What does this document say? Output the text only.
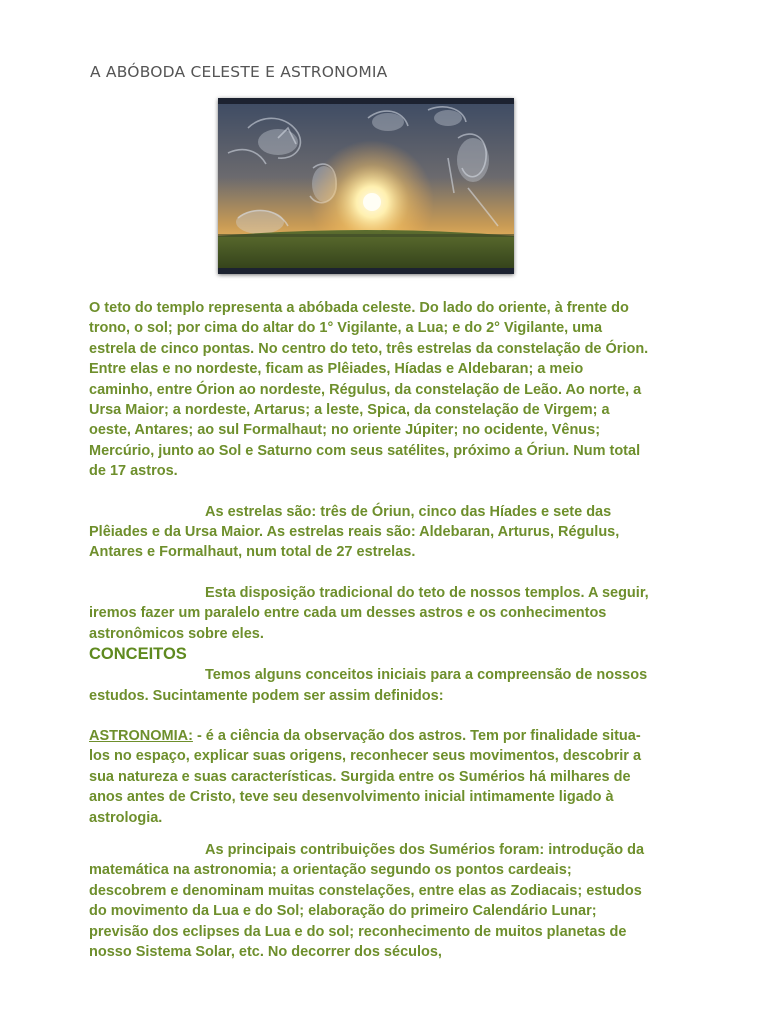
A ABÓBODA CELESTE E ASTRONOMIA

O teto do templo representa a abóbada celeste. Do lado do oriente, à frente do trono, o sol; por cima do altar do 1° Vigilante, a Lua; e do 2° Vigilante, uma estrela de cinco pontas. No centro do teto, três estrelas da constelação de Órion. Entre elas e no nordeste, ficam as Plêiades, Híadas e Aldebaran; a meio caminho, entre Órion ao nordeste, Régulus, da constelação de Leão. Ao norte, a Ursa Maior; a nordeste, Artarus; a leste, Spica, da constelação de Virgem; a oeste, Antares; ao sul Formalhaut; no oriente Júpiter; no ocidente, Vênus; Mercúrio, junto ao Sol e Saturno com seus satélites, próximo a Óriun. Num total de 17 astros.

As estrelas são: três de Óriun, cinco das Híades e sete das Plêiades e da Ursa Maior. As estrelas reais são: Aldebaran, Arturus, Régulus, Antares e Formalhaut, num total de 27 estrelas.

Esta disposição tradicional do teto de nossos templos. A seguir, iremos fazer um paralelo entre cada um desses astros e os conhecimentos astronômicos sobre eles.

CONCEITOS

Temos alguns conceitos iniciais para a compreensão de nossos estudos. Sucintamente podem ser assim definidos:

ASTRONOMIA: - é a ciência da observação dos astros. Tem por finalidade situa-los no espaço, explicar suas origens, reconhecer seus movimentos, descobrir a sua natureza e suas características. Surgida entre os Sumérios há milhares de anos antes de Cristo, teve seu desenvolvimento inicial intimamente ligado à astrologia.

As principais contribuições dos Sumérios foram: introdução da matemática na astronomia; a orientação segundo os pontos cardeais; descobrem e denominam muitas constelações, entre elas as Zodiacais; estudos do movimento da Lua e do Sol; elaboração do primeiro Calendário Lunar; previsão dos eclipses da Lua e do sol; reconhecimento de muitos planetas de nosso Sistema Solar, etc. No decorrer dos séculos,
